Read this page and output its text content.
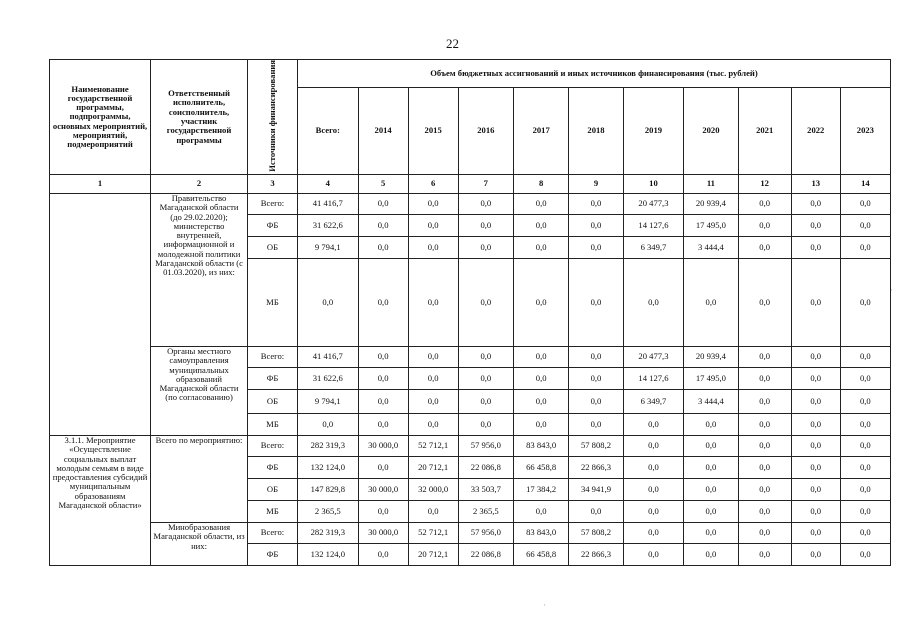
22
Наименование государственной программы, подпрограммы, основных мероприятий, мероприятий, подмероприятий	Ответственный исполнитель, соисполнитель, участник государственной программы	Источники финансирования	Объем бюджетных ассигнований и иных источников финансирования (тыс. рублей)										
			Всего:	2014	2015	2016	2017	2018	2019	2020	2021	2022	2023
1	2	3	4	5	6	7	8	9	10	11	12	13	14
	Правительство Магаданской области (до 29.02.2020); министерство внутренней, информационной и молодежной политики Магаданской области (с 01.03.2020), из них:	Всего:	41 416,7	0,0	0,0	0,0	0,0	0,0	20 477,3	20 939,4	0,0	0,0	0,0
		ФБ	31 622,6	0,0	0,0	0,0	0,0	0,0	14 127,6	17 495,0	0,0	0,0	0,0
		ОБ	9 794,1	0,0	0,0	0,0	0,0	0,0	6 349,7	3 444,4	0,0	0,0	0,0
		МБ	0,0	0,0	0,0	0,0	0,0	0,0	0,0	0,0	0,0	0,0	0,0
	Органы местного самоуправления муниципальных образований Магаданской области (по согласованию)	Всего:	41 416,7	0,0	0,0	0,0	0,0	0,0	20 477,3	20 939,4	0,0	0,0	0,0
		ФБ	31 622,6	0,0	0,0	0,0	0,0	0,0	14 127,6	17 495,0	0,0	0,0	0,0
		ОБ	9 794,1	0,0	0,0	0,0	0,0	0,0	6 349,7	3 444,4	0,0	0,0	0,0
		МБ	0,0	0,0	0,0	0,0	0,0	0,0	0,0	0,0	0,0	0,0	0,0
3.1.1. Мероприятие «Осуществление социальных выплат молодым семьям в виде предоставления субсидий муниципальным образованиям Магаданской области»	Всего по мероприятию:	Всего:	282 319,3	30 000,0	52 712,1	57 956,0	83 843,0	57 808,2	0,0	0,0	0,0	0,0	0,0
		ФБ	132 124,0	0,0	20 712,1	22 086,8	66 458,8	22 866,3	0,0	0,0	0,0	0,0	0,0
		ОБ	147 829,8	30 000,0	32 000,0	33 503,7	17 384,2	34 941,9	0,0	0,0	0,0	0,0	0,0
		МБ	2 365,5	0,0	0,0	2 365,5	0,0	0,0	0,0	0,0	0,0	0,0	0,0
	Минобразования Магаданской области, из них:	Всего:	282 319,3	30 000,0	52 712,1	57 956,0	83 843,0	57 808,2	0,0	0,0	0,0	0,0	0,0
		ФБ	132 124,0	0,0	20 712,1	22 086,8	66 458,8	22 866,3	0,0	0,0	0,0	0,0	0,0
·
·
